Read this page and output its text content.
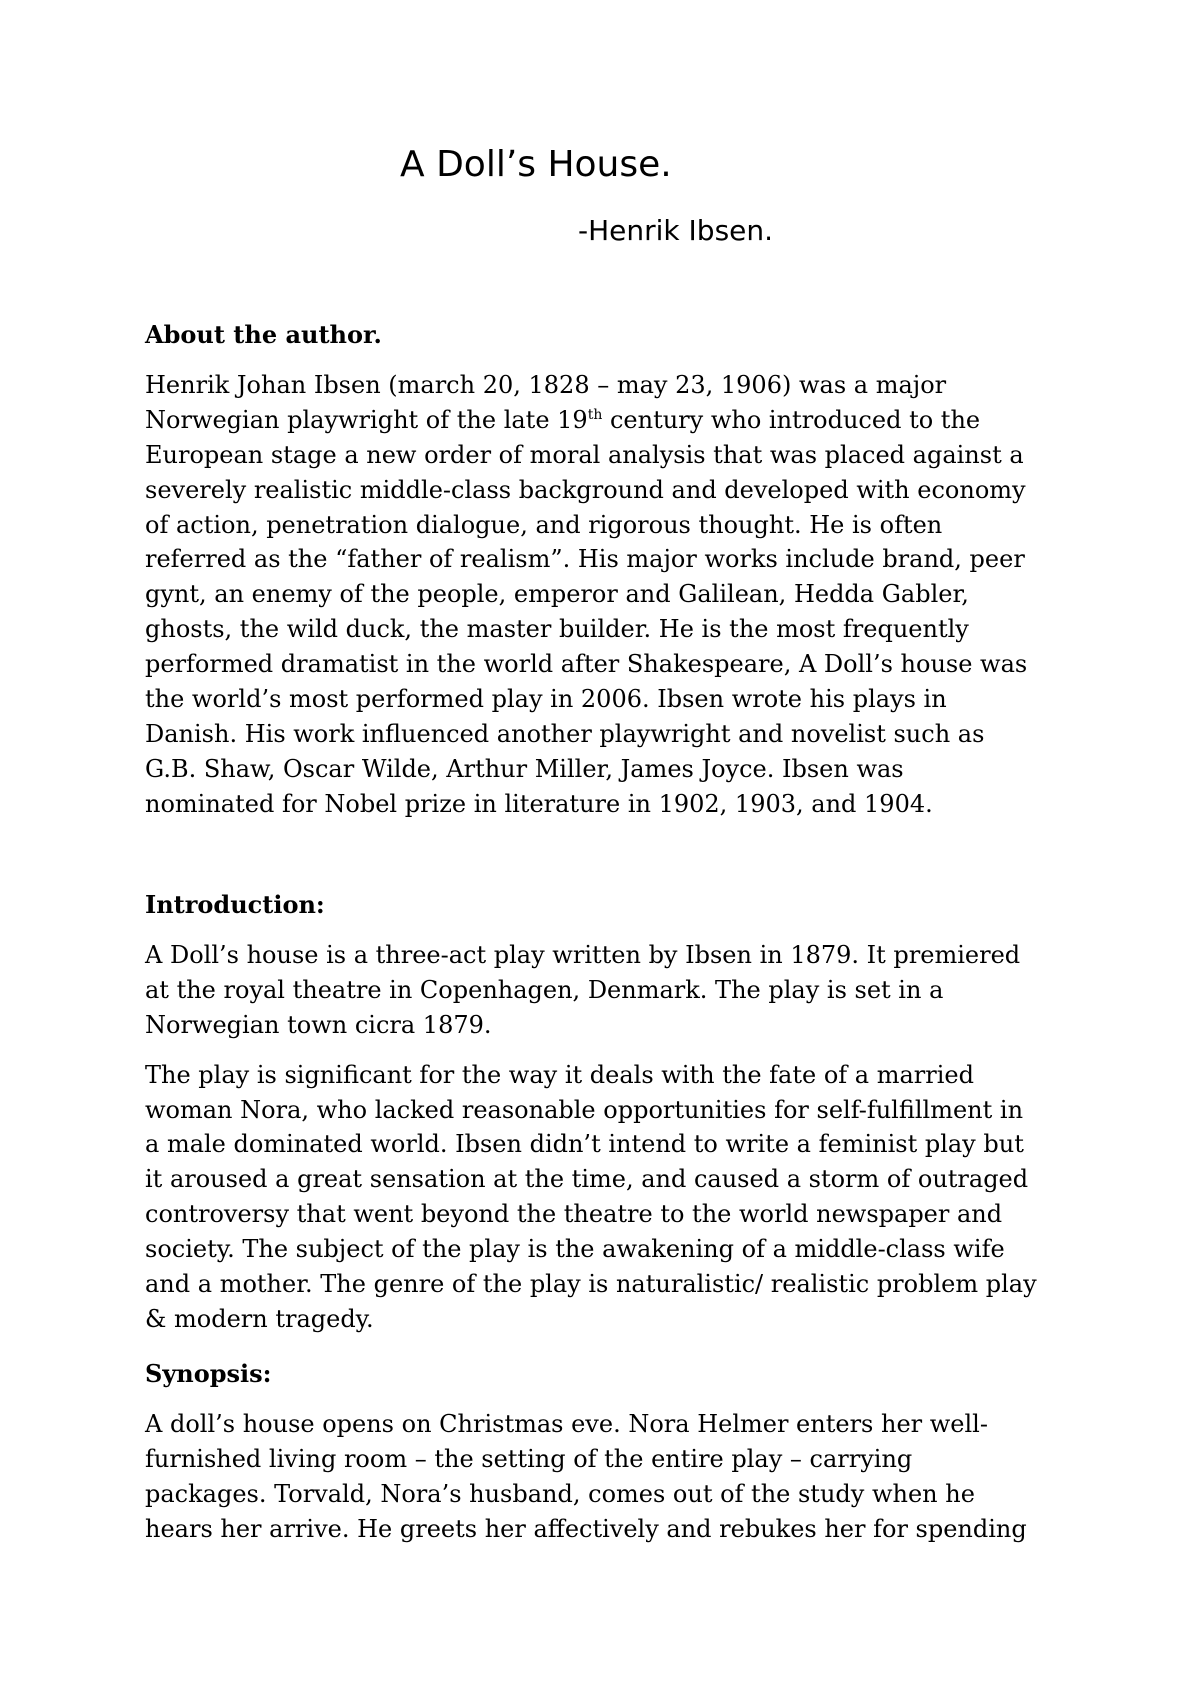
A Doll’s House.

-Henrik Ibsen.

About the author.

Henrik Johan Ibsen (march 20, 1828 – may 23, 1906) was a major
Norwegian playwright of the late 19th century who introduced to the
European stage a new order of moral analysis that was placed against a
severely realistic middle-class background and developed with economy
of action, penetration dialogue, and rigorous thought. He is often
referred as the “father of realism”. His major works include brand, peer
gynt, an enemy of the people, emperor and Galilean, Hedda Gabler,
ghosts, the wild duck, the master builder. He is the most frequently
performed dramatist in the world after Shakespeare, A Doll’s house was
the world’s most performed play in 2006. Ibsen wrote his plays in
Danish. His work influenced another playwright and novelist such as
G.B. Shaw, Oscar Wilde, Arthur Miller, James Joyce. Ibsen was
nominated for Nobel prize in literature in 1902, 1903, and 1904.

Introduction:

A Doll’s house is a three-act play written by Ibsen in 1879. It premiered
at the royal theatre in Copenhagen, Denmark. The play is set in a
Norwegian town cicra 1879.

The play is significant for the way it deals with the fate of a married
woman Nora, who lacked reasonable opportunities for self-fulfillment in
a male dominated world. Ibsen didn’t intend to write a feminist play but
it aroused a great sensation at the time, and caused a storm of outraged
controversy that went beyond the theatre to the world newspaper and
society. The subject of the play is the awakening of a middle-class wife
and a mother. The genre of the play is naturalistic/ realistic problem play
& modern tragedy.

Synopsis:

A doll’s house opens on Christmas eve. Nora Helmer enters her well-
furnished living room – the setting of the entire play – carrying
packages. Torvald, Nora’s husband, comes out of the study when he
hears her arrive. He greets her affectively and rebukes her for spending
